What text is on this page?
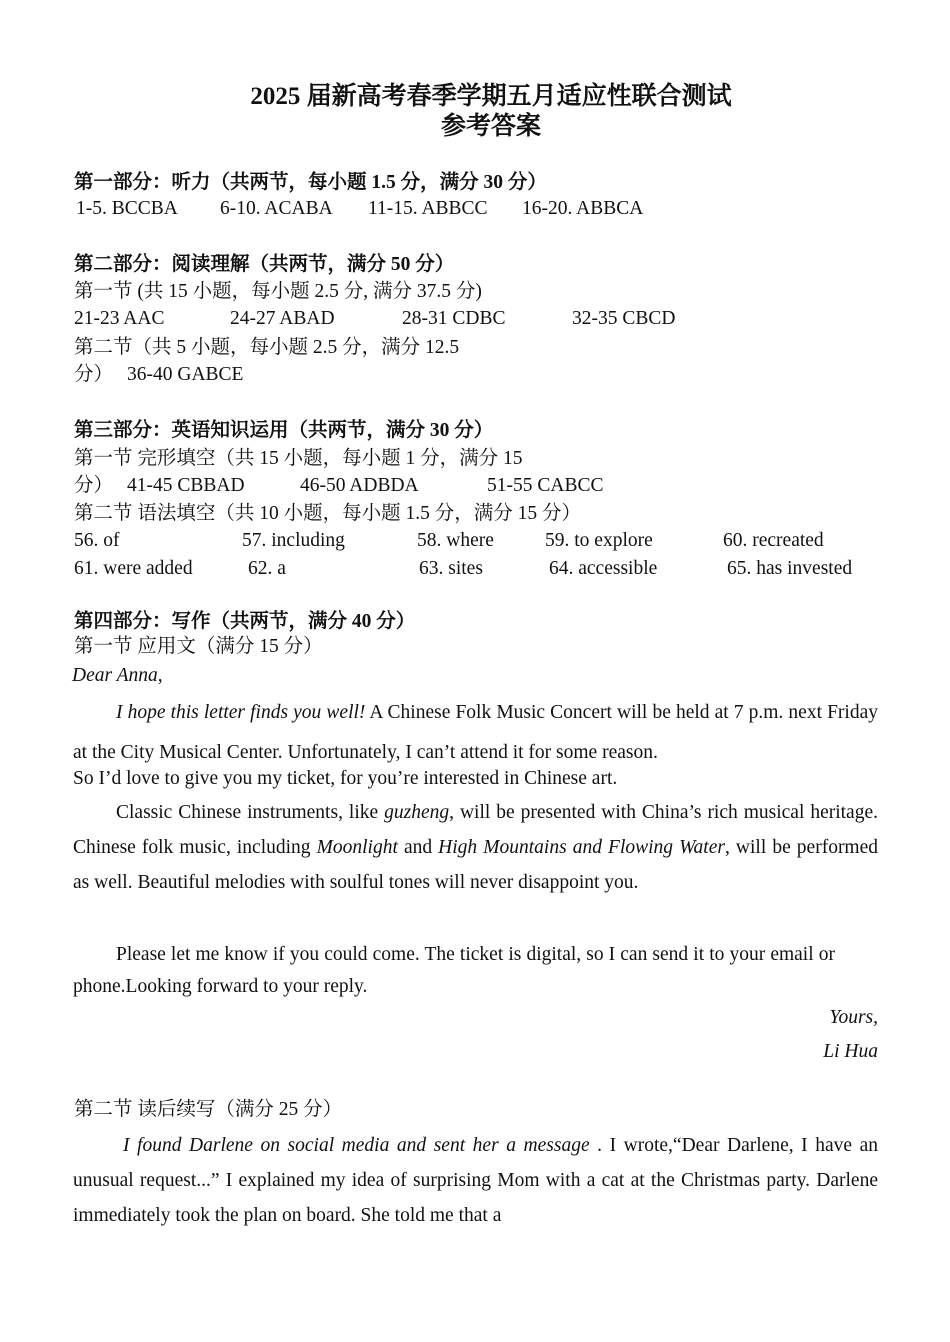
2025 届新高考春季学期五月适应性联合测试
参考答案
第一部分：听力（共两节，每小题 1.5 分，满分 30 分）
1-5. BCCBA 6-10. ACABA 11-15. ABBCC 16-20. ABBCA
第二部分：阅读理解（共两节，满分 50 分）
第一节 (共 15 小题，每小题 2.5 分, 满分 37.5 分)
21-23 AAC	24-27 ABAD	28-31 CDBC	32-35 CBCD
第二节（共 5 小题，每小题 2.5 分，满分 12.5
分） 36-40 GABCE
第三部分：英语知识运用（共两节，满分 30 分）
第一节 完形填空（共 15 小题，每小题 1 分，满分 15
分） 41-45 CBBAD	46-50 ADBDA	51-55 CABCC
第二节 语法填空（共 10 小题，每小题 1.5 分，满分 15 分）
56. of	57. including	58. where	59. to explore	60. recreated
61. were added	62. a	63. sites	64. accessible	65. has invested
第四部分：写作（共两节，满分 40 分）
第一节 应用文（满分 15 分）
Dear Anna,
I hope this letter finds you well! A Chinese Folk Music Concert will be held at 7 p.m. next Friday at the City Musical Center. Unfortunately, I can’t attend it for some reason.
So I’d love to give you my ticket, for you’re interested in Chinese art.
Classic Chinese instruments, like guzheng, will be presented with China’s rich musical heritage. Chinese folk music, including Moonlight and High Mountains and Flowing Water, will be performed as well. Beautiful melodies with soulful tones will never disappoint you.
Please let me know if you could come. The ticket is digital, so I can send it to your email or phone.Looking forward to your reply.
Yours,
Li Hua
第二节 读后续写（满分 25 分）
I found Darlene on social media and sent her a message . I wrote,“Dear Darlene, I have an unusual request...” I explained my idea of surprising Mom with a cat at the Christmas party. Darlene immediately took the plan on board. She told me that a
